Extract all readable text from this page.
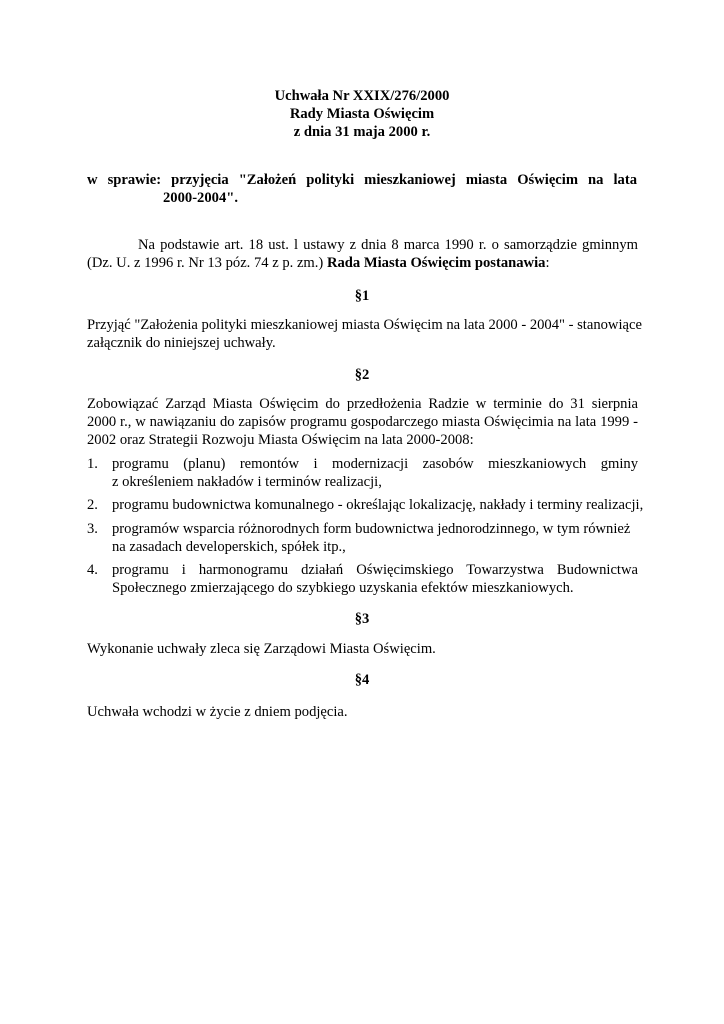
Uchwała Nr XXIX/276/2000
Rady Miasta Oświęcim
z dnia 31 maja 2000 r.
w sprawie: przyjęcia "Założeń polityki mieszkaniowej miasta Oświęcim na lata
2000-2004".
Na podstawie art. 18 ust. l ustawy z dnia 8 marca 1990 r. o samorządzie gminnym
(Dz. U. z 1996 r. Nr 13 póz. 74 z p. zm.) Rada Miasta Oświęcim postanawia:
§1
Przyjąć "Założenia polityki mieszkaniowej miasta Oświęcim na lata 2000 - 2004" - stanowiące
załącznik do niniejszej uchwały.
§2
Zobowiązać Zarząd Miasta Oświęcim do przedłożenia Radzie w terminie do 31 sierpnia
2000 r., w nawiązaniu do zapisów programu gospodarczego miasta Oświęcimia na lata 1999 -
2002 oraz Strategii Rozwoju Miasta Oświęcim na lata 2000-2008:
1. programu (planu) remontów i modernizacji zasobów mieszkaniowych gminy
z określeniem nakładów i terminów realizacji,
2. programu budownictwa komunalnego - określając lokalizację, nakłady i terminy realizacji,
3. programów wsparcia różnorodnych form budownictwa jednorodzinnego, w tym również
na zasadach developerskich, spółek itp.,
4. programu i harmonogramu działań Oświęcimskiego Towarzystwa Budownictwa
Społecznego zmierzającego do szybkiego uzyskania efektów mieszkaniowych.
§3
Wykonanie uchwały zleca się Zarządowi Miasta Oświęcim.
§4
Uchwała wchodzi w życie z dniem podjęcia.
